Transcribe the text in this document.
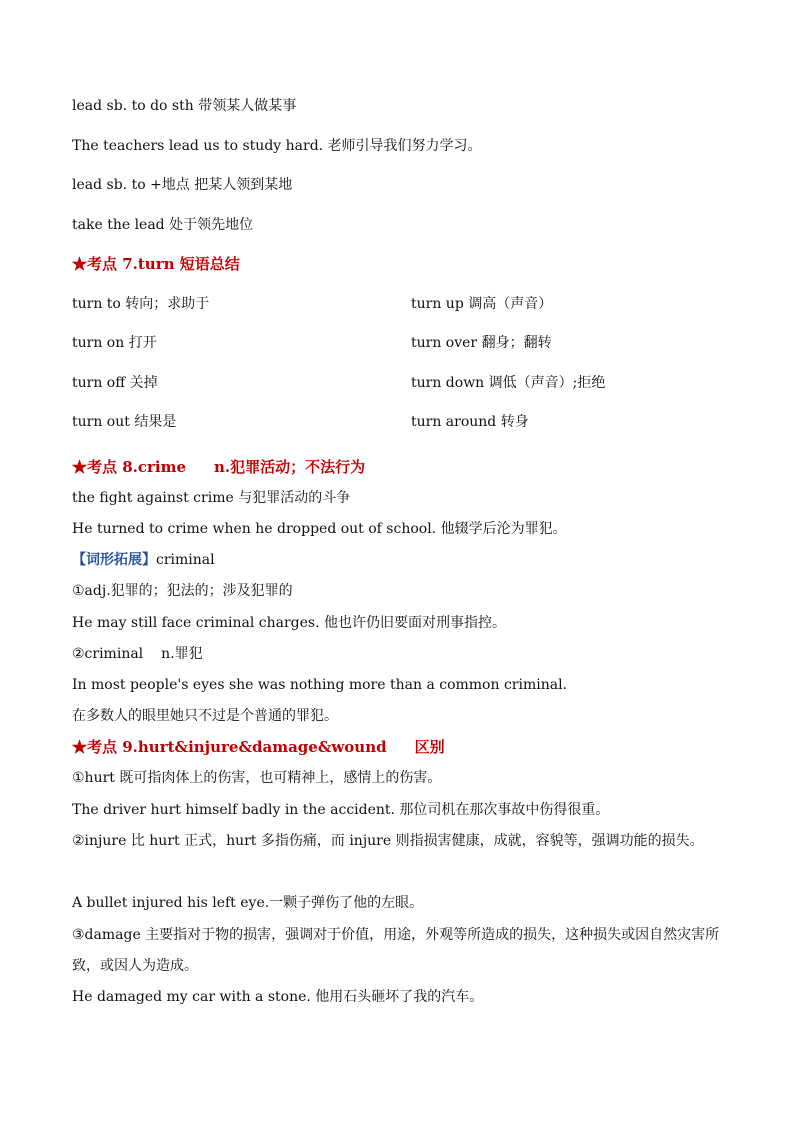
lead sb. to do sth 带领某人做某事
The teachers lead us to study hard. 老师引导我们努力学习。
lead sb. to +地点 把某人领到某地
take the lead 处于领先地位
★考点 7.turn 短语总结
turn to 转向；求助于	turn up 调高（声音）
turn on 打开	turn over 翻身；翻转
turn off 关掉	turn down 调低（声音）;拒绝
turn out 结果是	turn around 转身
★考点 8.crime n.犯罪活动；不法行为
the fight against crime 与犯罪活动的斗争
He turned to crime when he dropped out of school. 他辍学后沦为罪犯。
【词形拓展】criminal
①adj.犯罪的；犯法的；涉及犯罪的
He may still face criminal charges. 他也许仍旧要面对刑事指控。
②criminal n.罪犯
In most people's eyes she was nothing more than a common criminal.
在多数人的眼里她只不过是个普通的罪犯。
★考点 9.hurt&injure&damage&wound 区别
①hurt 既可指肉体上的伤害，也可精神上，感情上的伤害。
The driver hurt himself badly in the accident. 那位司机在那次事故中伤得很重。
②injure 比 hurt 正式，hurt 多指伤痛，而 injure 则指损害健康，成就，容貌等，强调功能的损失。
A bullet injured his left eye.一颗子弹伤了他的左眼。
③damage 主要指对于物的损害，强调对于价值，用途，外观等所造成的损失，这种损失或因自然灾害所致，或因人为造成。
He damaged my car with a stone. 他用石头砸坏了我的汽车。
